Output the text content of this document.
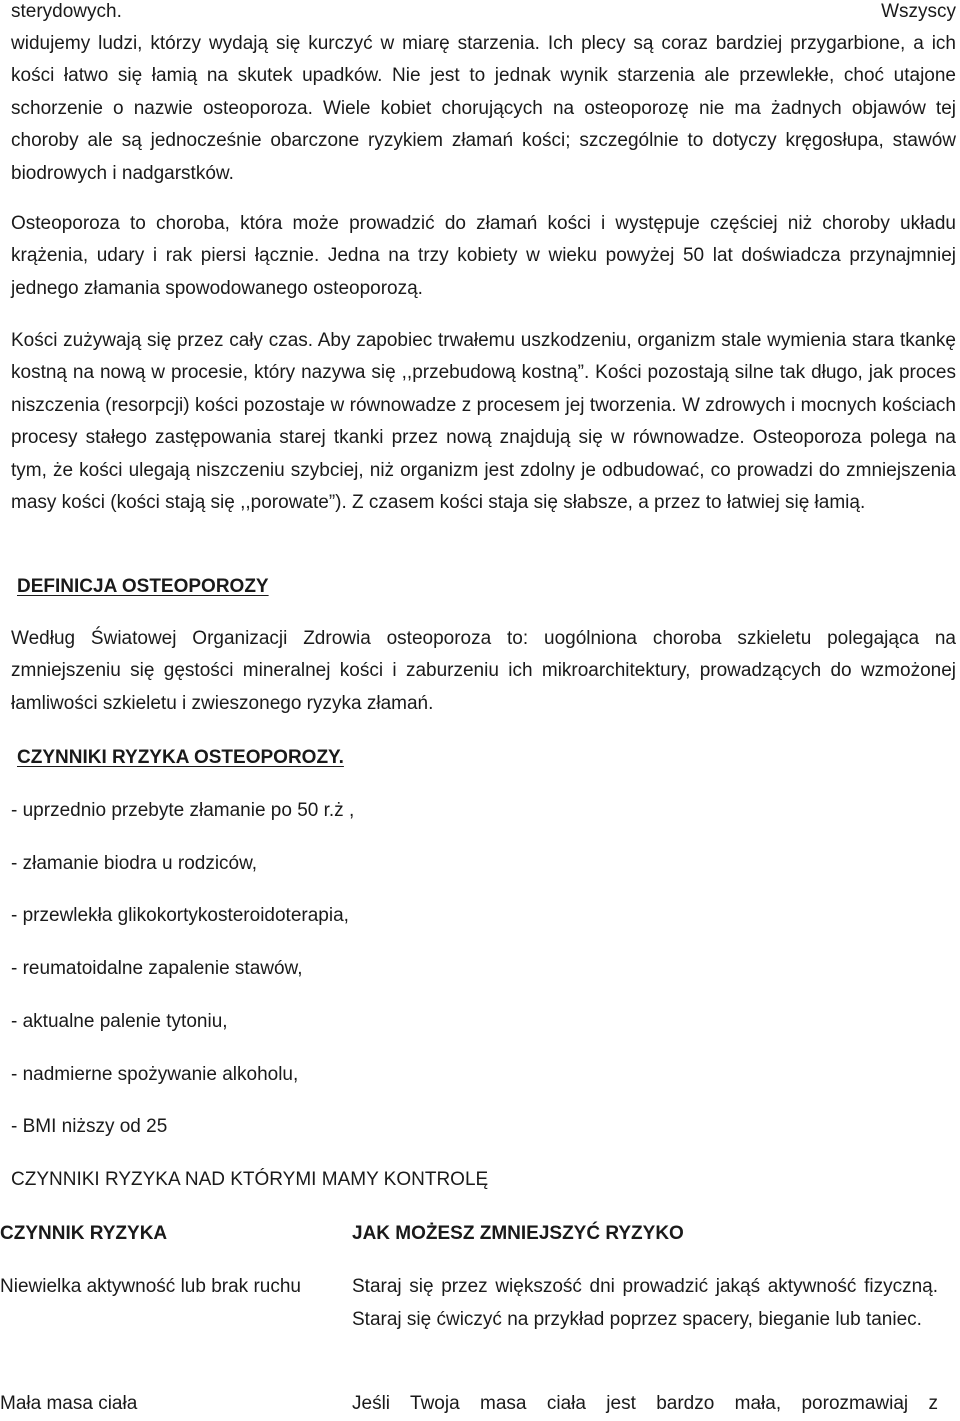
sterydowych.	Wszyscy
widujemy ludzi, którzy wydają się kurczyć w miarę starzenia. Ich plecy są coraz bardziej przygarbione, a ich kości łatwo się łamią na skutek upadków. Nie jest to jednak wynik starzenia ale przewlekłe, choć utajone schorzenie o nazwie osteoporoza. Wiele kobiet chorujących na osteoporozę nie ma żadnych objawów tej choroby ale są jednocześnie obarczone ryzykiem złamań kości; szczególnie to dotyczy kręgosłupa, stawów biodrowych i nadgarstków.
Osteoporoza to choroba, która może prowadzić do złamań kości i występuje częściej niż choroby układu krążenia, udary i rak piersi łącznie. Jedna na trzy kobiety w wieku powyżej 50 lat doświadcza przynajmniej jednego złamania spowodowanego osteoporozą.
Kości zużywają się przez cały czas. Aby zapobiec trwałemu uszkodzeniu, organizm stale wymienia stara tkankę kostną na nową w procesie, który nazywa się ,,przebudową kostną”. Kości pozostają silne tak długo, jak proces niszczenia (resorpcji) kości pozostaje w równowadze z procesem jej tworzenia. W zdrowych i mocnych kościach procesy stałego zastępowania starej tkanki przez nową znajdują się w równowadze. Osteoporoza polega na tym, że kości ulegają niszczeniu szybciej, niż organizm jest zdolny je odbudować, co prowadzi do zmniejszenia masy kości (kości stają się ,,porowate”). Z czasem kości staja się słabsze, a przez to łatwiej się łamią.
DEFINICJA OSTEOPOROZY
Według Światowej Organizacji Zdrowia osteoporoza to: uogólniona choroba szkieletu polegająca na zmniejszeniu się gęstości mineralnej kości i zaburzeniu ich mikroarchitektury, prowadzących do wzmożonej łamliwości szkieletu i zwieszonego ryzyka złamań.
CZYNNIKI RYZYKA OSTEOPOROZY.
- uprzednio przebyte złamanie po 50 r.ż ,
- złamanie biodra u rodziców,
- przewlekła glikokortykosteroidoterapia,
- reumatoidalne zapalenie stawów,
- aktualne palenie tytoniu,
- nadmierne spożywanie alkoholu,
- BMI niższy od 25
CZYNNIKI RYZYKA NAD KTÓRYMI MAMY KONTROLĘ
CZYNNIK RYZYKA	JAK MOŻESZ ZMNIEJSZYĆ RYZYKO
Niewielka aktywność lub brak ruchu	Staraj się przez większość dni prowadzić jakąś aktywność fizyczną. Staraj się ćwiczyć na przykład poprzez spacery, bieganie lub taniec.
Mała masa ciała	Jeśli Twoja masa ciała jest bardzo mała, porozmawiaj z
